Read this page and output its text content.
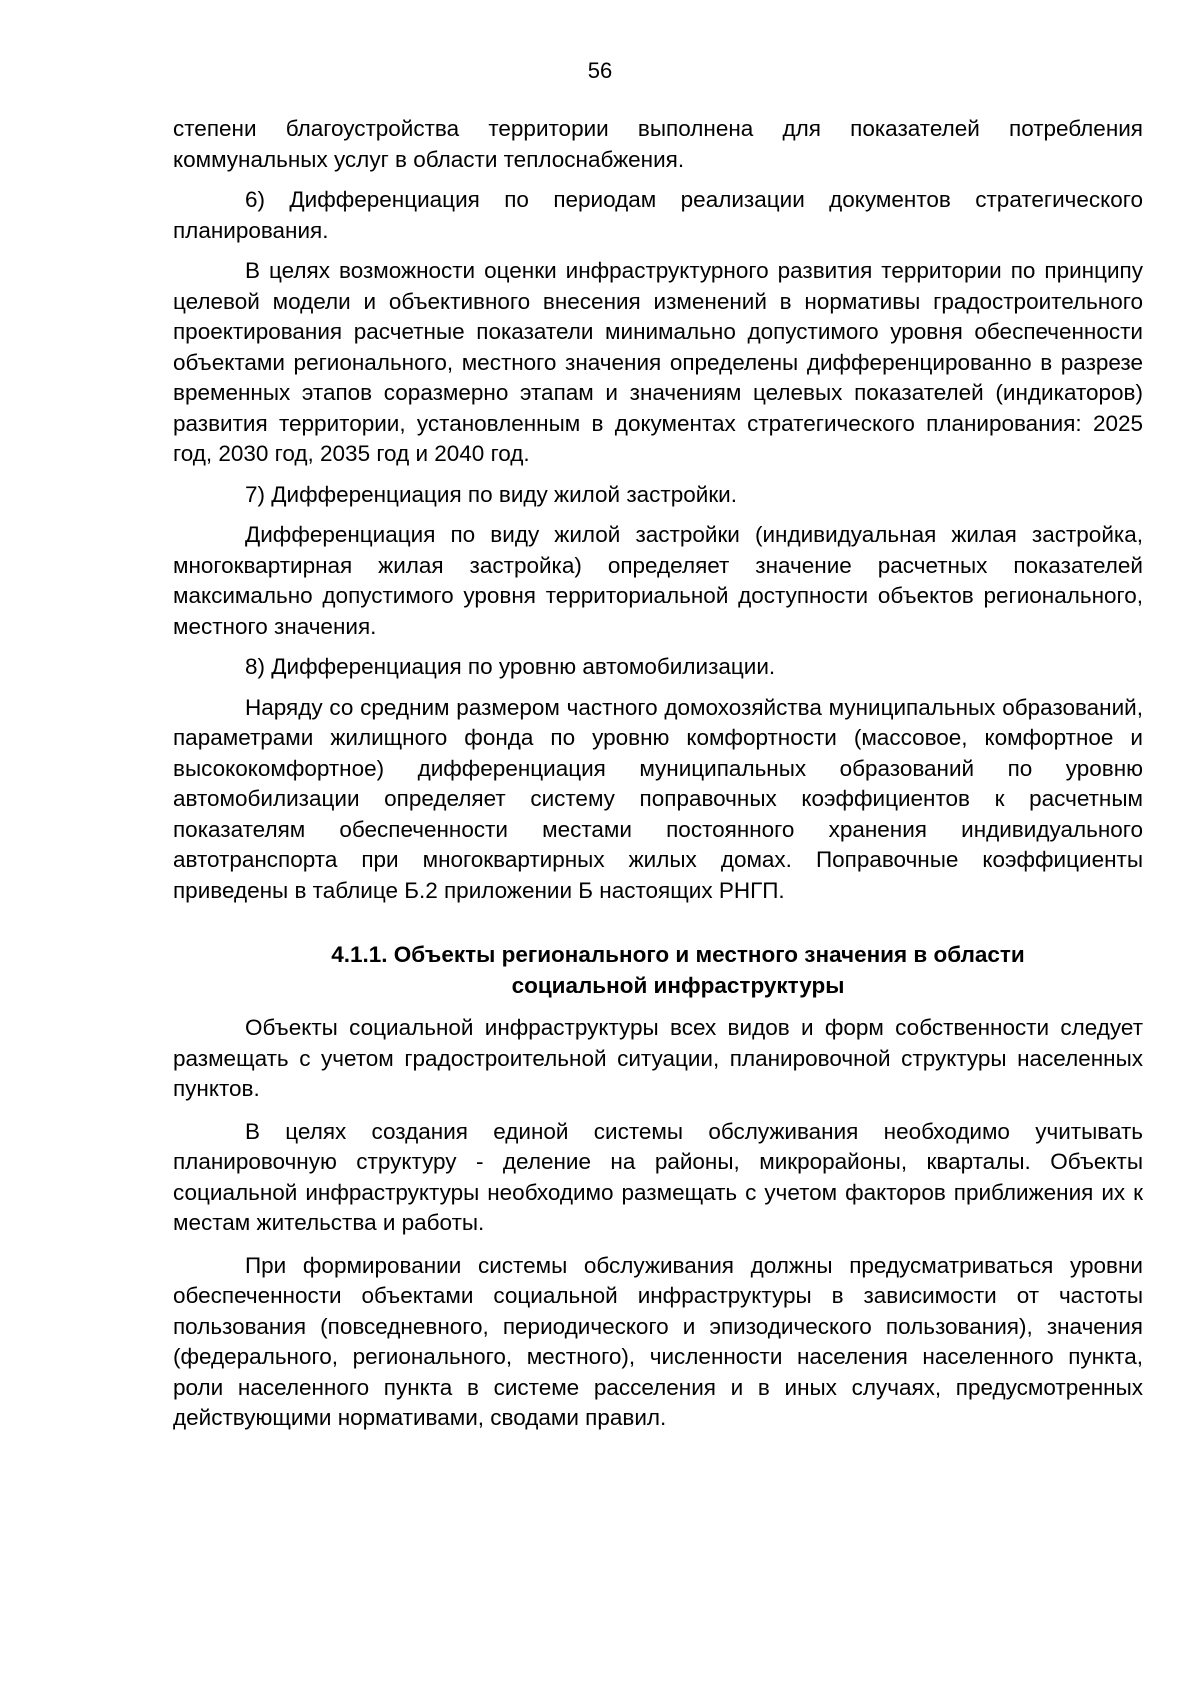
56

степени благоустройства территории выполнена для показателей потребления коммунальных услуг в области теплоснабжения.

6) Дифференциация по периодам реализации документов стратегического планирования.

В целях возможности оценки инфраструктурного развития территории по принципу целевой модели и объективного внесения изменений в нормативы градостроительного проектирования расчетные показатели минимально допустимого уровня обеспеченности объектами регионального, местного значения определены дифференцированно в разрезе временных этапов соразмерно этапам и значениям целевых показателей (индикаторов) развития территории, установленным в документах стратегического планирования: 2025 год, 2030 год, 2035 год и 2040 год.

7) Дифференциация по виду жилой застройки.

Дифференциация по виду жилой застройки (индивидуальная жилая застройка, многоквартирная жилая застройка) определяет значение расчетных показателей максимально допустимого уровня территориальной доступности объектов регионального, местного значения.

8) Дифференциация по уровню автомобилизации.

Наряду со средним размером частного домохозяйства муниципальных образований, параметрами жилищного фонда по уровню комфортности (массовое, комфортное и высококомфортное) дифференциация муниципальных образований по уровню автомобилизации определяет систему поправочных коэффициентов к расчетным показателям обеспеченности местами постоянного хранения индивидуального автотранспорта при многоквартирных жилых домах. Поправочные коэффициенты приведены в таблице Б.2 приложении Б настоящих РНГП.

4.1.1. Объекты регионального и местного значения в области
социальной инфраструктуры

Объекты социальной инфраструктуры всех видов и форм собственности следует размещать с учетом градостроительной ситуации, планировочной структуры населенных пунктов.

В целях создания единой системы обслуживания необходимо учитывать планировочную структуру - деление на районы, микрорайоны, кварталы. Объекты социальной инфраструктуры необходимо размещать с учетом факторов приближения их к местам жительства и работы.

При формировании системы обслуживания должны предусматриваться уровни обеспеченности объектами социальной инфраструктуры в зависимости от частоты пользования (повседневного, периодического и эпизодического пользования), значения (федерального, регионального, местного), численности населения населенного пункта, роли населенного пункта в системе расселения и в иных случаях, предусмотренных действующими нормативами, сводами правил.
